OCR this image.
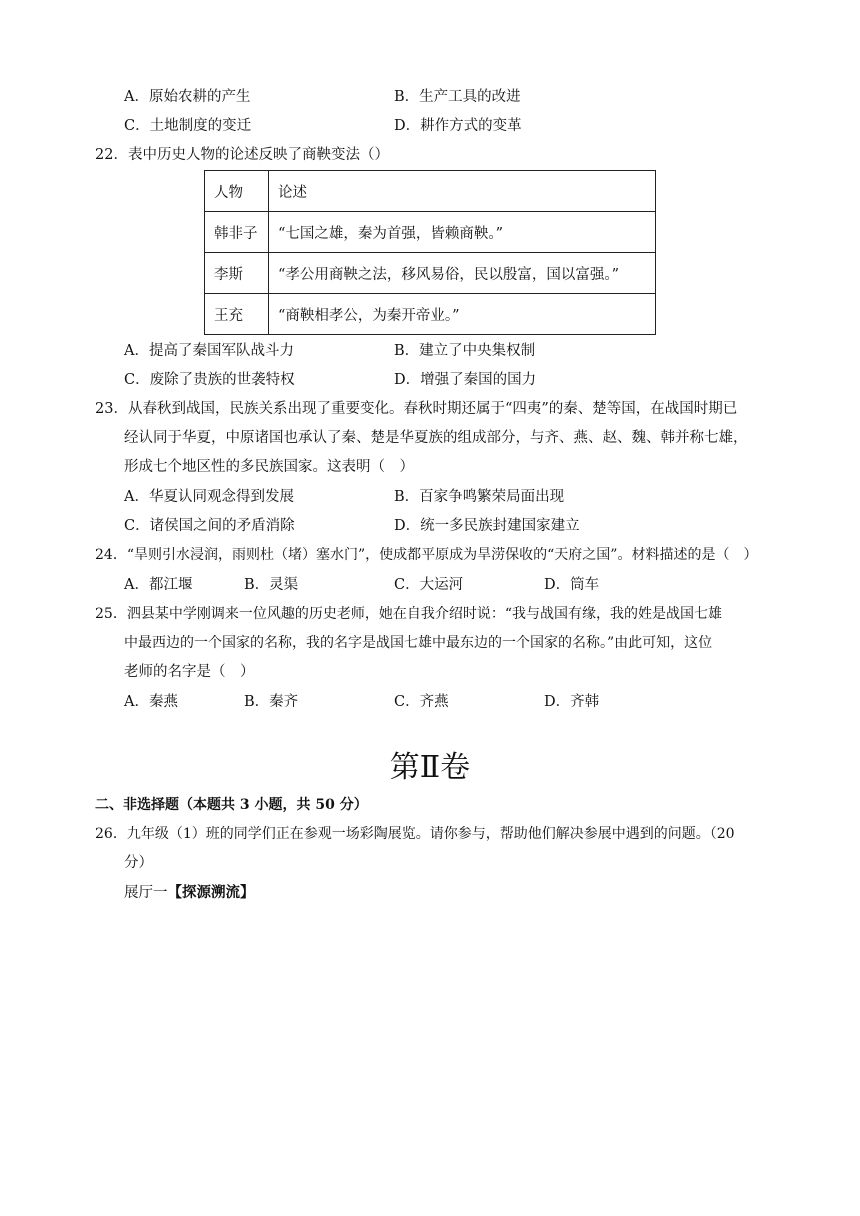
A．原始农耕的产生	B．生产工具的改进
C．土地制度的变迁	D．耕作方式的变革
22．表中历史人物的论述反映了商鞅变法（）
人物	论述
韩非子	“七国之雄，秦为首强，皆赖商鞅。”
李斯	“孝公用商鞅之法，移风易俗，民以殷富，国以富强。”
王充	“商鞅相孝公，为秦开帝业。”
A．提高了秦国军队战斗力	B．建立了中央集权制
C．废除了贵族的世袭特权	D．增强了秦国的国力
23．从春秋到战国，民族关系出现了重要变化。春秋时期还属于“四夷”的秦、楚等国，在战国时期已
经认同于华夏，中原诸国也承认了秦、楚是华夏族的组成部分，与齐、燕、赵、魏、韩并称七雄，
形成七个地区性的多民族国家。这表明（　）
A．华夏认同观念得到发展	B．百家争鸣繁荣局面出现
C．诸侯国之间的矛盾消除	D．统一多民族封建国家建立
24．“旱则引水浸润，雨则杜（堵）塞水门”，使成都平原成为旱涝保收的“天府之国”。材料描述的是（　）
A．都江堰	B．灵渠	C．大运河	D．筒车
25．泗县某中学刚调来一位风趣的历史老师，她在自我介绍时说：“我与战国有缘，我的姓是战国七雄
中最西边的一个国家的名称，我的名字是战国七雄中最东边的一个国家的名称。”由此可知，这位
老师的名字是（　）
A．秦燕	B．秦齐	C．齐燕	D．齐韩
第Ⅱ卷
二、非选择题（本题共 3 小题，共 50 分）
26．九年级（1）班的同学们正在参观一场彩陶展览。请你参与，帮助他们解决参展中遇到的问题。（20
分）
展厅一【探源溯流】
